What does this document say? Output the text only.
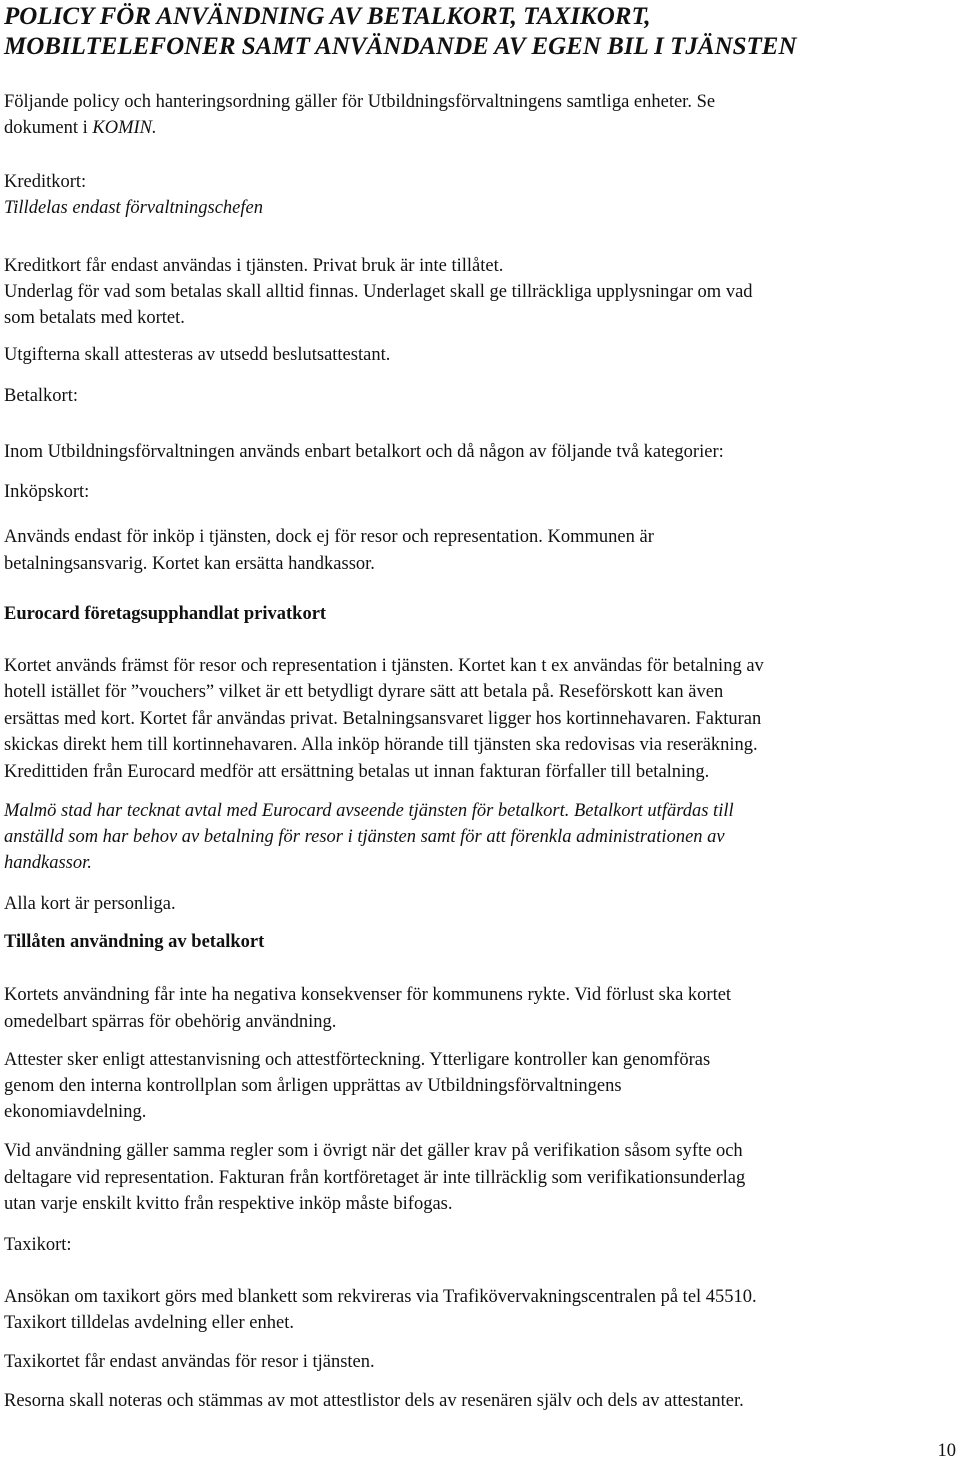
POLICY FÖR ANVÄNDNING AV BETALKORT, TAXIKORT,
MOBILTELEFONER SAMT ANVÄNDANDE AV EGEN BIL I TJÄNSTEN
Följande policy och hanteringsordning gäller för Utbildningsförvaltningens samtliga enheter. Se
dokument i KOMIN.
Kreditkort:
Tilldelas endast förvaltningschefen
Kreditkort får endast användas i tjänsten. Privat bruk är inte tillåtet.
Underlag för vad som betalas skall alltid finnas. Underlaget skall ge tillräckliga upplysningar om vad
som betalats med kortet.
Utgifterna skall attesteras av utsedd beslutsattestant.
Betalkort:
Inom Utbildningsförvaltningen används enbart betalkort och då någon av följande två kategorier:
Inköpskort:
Används endast för inköp i tjänsten, dock ej för resor och representation. Kommunen är
betalningsansvarig. Kortet kan ersätta handkassor.
Eurocard företagsupphandlat privatkort
Kortet används främst för resor och representation i tjänsten. Kortet kan t ex användas för betalning av
hotell istället för ”vouchers” vilket är ett betydligt dyrare sätt att betala på. Reseförskott kan även
ersättas med kort. Kortet får användas privat. Betalningsansvaret ligger hos kortinnehavaren. Fakturan
skickas direkt hem till kortinnehavaren. Alla inköp hörande till tjänsten ska redovisas via reseräkning.
Kredittiden från Eurocard medför att ersättning betalas ut innan fakturan förfaller till betalning.
Malmö stad har tecknat avtal med Eurocard avseende tjänsten för betalkort. Betalkort utfärdas till
anställd som har behov av betalning för resor i tjänsten samt för att förenkla administrationen av
handkassor.
Alla kort är personliga.
Tillåten användning av betalkort
Kortets användning får inte ha negativa konsekvenser för kommunens rykte. Vid förlust ska kortet
omedelbart spärras för obehörig användning.
Attester sker enligt attestanvisning och attestförteckning. Ytterligare kontroller kan genomföras
genom den interna kontrollplan som årligen upprättas av Utbildningsförvaltningens
ekonomiavdelning.
Vid användning gäller samma regler som i övrigt när det gäller krav på verifikation såsom syfte och
deltagare vid representation. Fakturan från kortföretaget är inte tillräcklig som verifikationsunderlag
utan varje enskilt kvitto från respektive inköp måste bifogas.
Taxikort:
Ansökan om taxikort görs med blankett som rekvireras via Trafikövervakningscentralen på tel 45510.
Taxikort tilldelas avdelning eller enhet.
Taxikortet får endast användas för resor i tjänsten.
Resorna skall noteras och stämmas av mot attestlistor dels av resenären själv och dels av attestanter.
10
